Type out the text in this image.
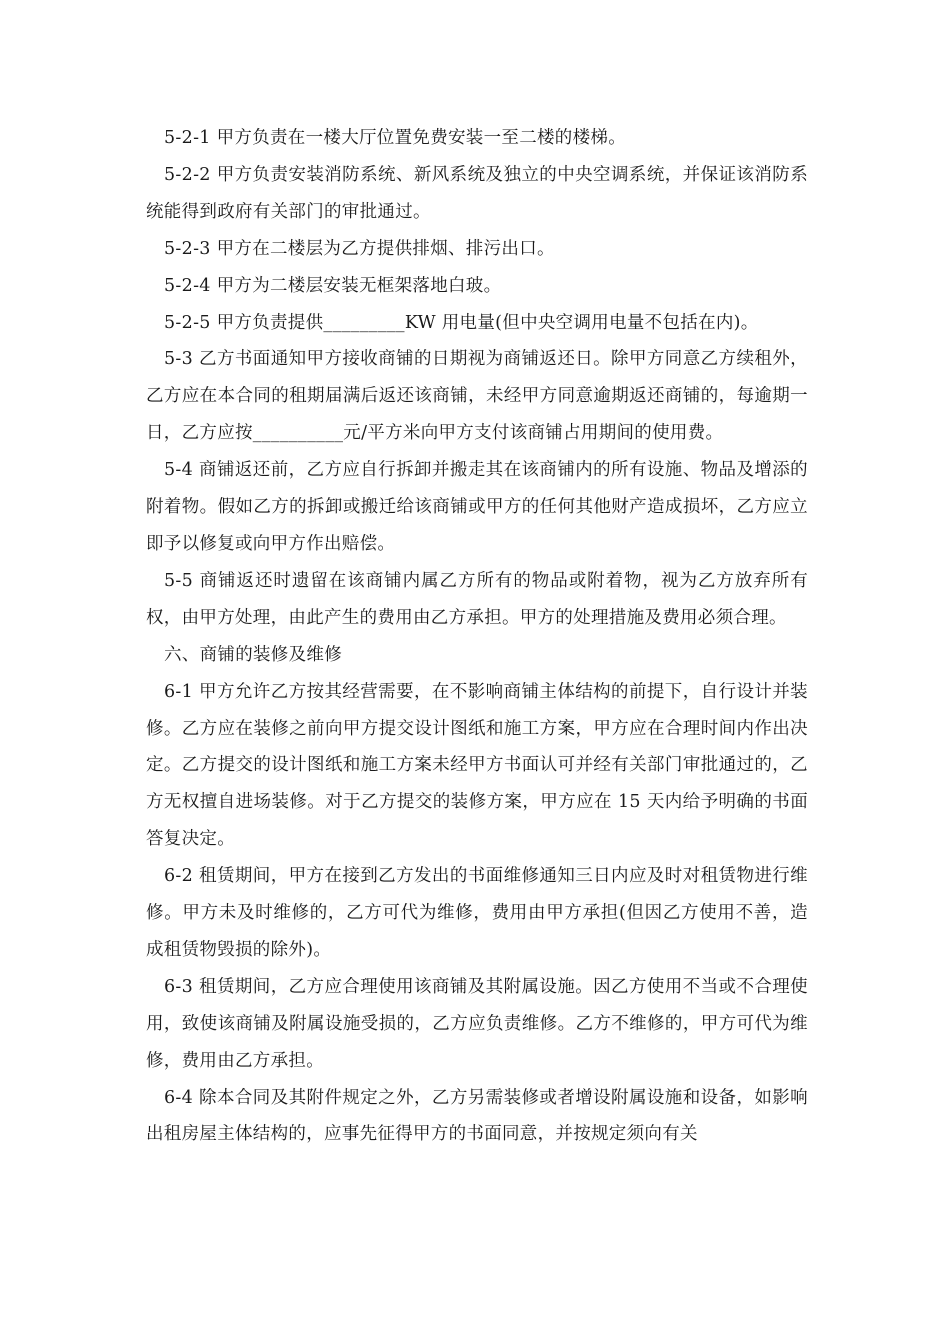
5-2-1 甲方负责在一楼大厅位置免费安装一至二楼的楼梯。

5-2-2 甲方负责安装消防系统、新风系统及独立的中央空调系统，并保证该消防系统能得到政府有关部门的审批通过。

5-2-3 甲方在二楼层为乙方提供排烟、排污出口。

5-2-4 甲方为二楼层安装无框架落地白玻。

5-2-5 甲方负责提供_________KW 用电量(但中央空调用电量不包括在内)。

5-3 乙方书面通知甲方接收商铺的日期视为商铺返还日。除甲方同意乙方续租外，乙方应在本合同的租期届满后返还该商铺，未经甲方同意逾期返还商铺的，每逾期一日，乙方应按__________元/平方米向甲方支付该商铺占用期间的使用费。

5-4 商铺返还前，乙方应自行拆卸并搬走其在该商铺内的所有设施、物品及增添的附着物。假如乙方的拆卸或搬迁给该商铺或甲方的任何其他财产造成损坏，乙方应立即予以修复或向甲方作出赔偿。

5-5 商铺返还时遗留在该商铺内属乙方所有的物品或附着物，视为乙方放弃所有权，由甲方处理，由此产生的费用由乙方承担。甲方的处理措施及费用必须合理。

六、商铺的装修及维修

6-1 甲方允许乙方按其经营需要，在不影响商铺主体结构的前提下，自行设计并装修。乙方应在装修之前向甲方提交设计图纸和施工方案，甲方应在合理时间内作出决定。乙方提交的设计图纸和施工方案未经甲方书面认可并经有关部门审批通过的，乙方无权擅自进场装修。对于乙方提交的装修方案，甲方应在 15 天内给予明确的书面答复决定。

6-2 租赁期间，甲方在接到乙方发出的书面维修通知三日内应及时对租赁物进行维修。甲方未及时维修的，乙方可代为维修，费用由甲方承担(但因乙方使用不善，造成租赁物毁损的除外)。

6-3 租赁期间，乙方应合理使用该商铺及其附属设施。因乙方使用不当或不合理使用，致使该商铺及附属设施受损的，乙方应负责维修。乙方不维修的，甲方可代为维修，费用由乙方承担。

6-4 除本合同及其附件规定之外，乙方另需装修或者增设附属设施和设备，如影响出租房屋主体结构的，应事先征得甲方的书面同意，并按规定须向有关
